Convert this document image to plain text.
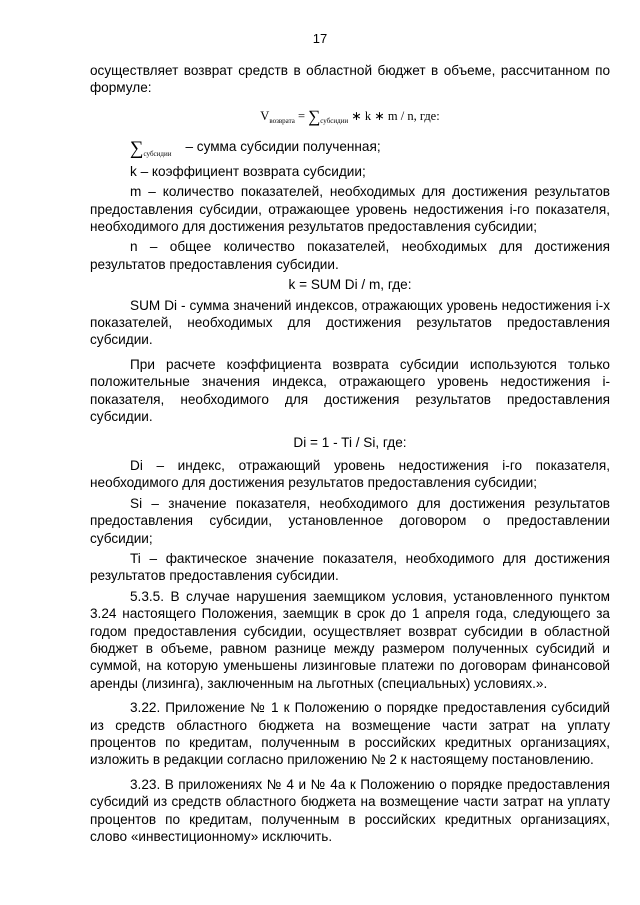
17

осуществляет возврат средств в областной бюджет в объеме, рассчитанном по формуле:

$V_{возврата} = \sum_{субсидии}$ ∗ k ∗ m / n, где:
$\sum_{субсидии}$ – сумма субсидии полученная;

k – коэффициент возврата субсидии;

m – количество показателей, необходимых для достижения результатов предоставления субсидии, отражающее уровень недостижения i-го показателя, необходимого для достижения результатов предоставления субсидии;

n – общее количество показателей, необходимых для достижения результатов предоставления субсидии.

k = SUM Di / m, где:

SUM Di - сумма значений индексов, отражающих уровень недостижения i-х показателей, необходимых для достижения результатов предоставления субсидии.

При расчете коэффициента возврата субсидии используются только положительные значения индекса, отражающего уровень недостижения i-показателя, необходимого для достижения результатов предоставления субсидии.

Di = 1 - Ti / Si, где:

Di – индекс, отражающий уровень недостижения i-го показателя, необходимого для достижения результатов предоставления субсидии;

Si – значение показателя, необходимого для достижения результатов предоставления субсидии, установленное договором о предоставлении субсидии;

Ti – фактическое значение показателя, необходимого для достижения результатов предоставления субсидии.

5.3.5. В случае нарушения заемщиком условия, установленного пунктом 3.24 настоящего Положения, заемщик в срок до 1 апреля года, следующего за годом предоставления субсидии, осуществляет возврат субсидии в областной бюджет в объеме, равном разнице между размером полученных субсидий и суммой, на которую уменьшены лизинговые платежи по договорам финансовой аренды (лизинга), заключенным на льготных (специальных) условиях.».

3.22. Приложение № 1 к Положению о порядке предоставления субсидий из средств областного бюджета на возмещение части затрат на уплату процентов по кредитам, полученным в российских кредитных организациях, изложить в редакции согласно приложению № 2 к настоящему постановлению.

3.23. В приложениях № 4 и № 4а к Положению о порядке предоставления субсидий из средств областного бюджета на возмещение части затрат на уплату процентов по кредитам, полученным в российских кредитных организациях, слово «инвестиционному» исключить.
